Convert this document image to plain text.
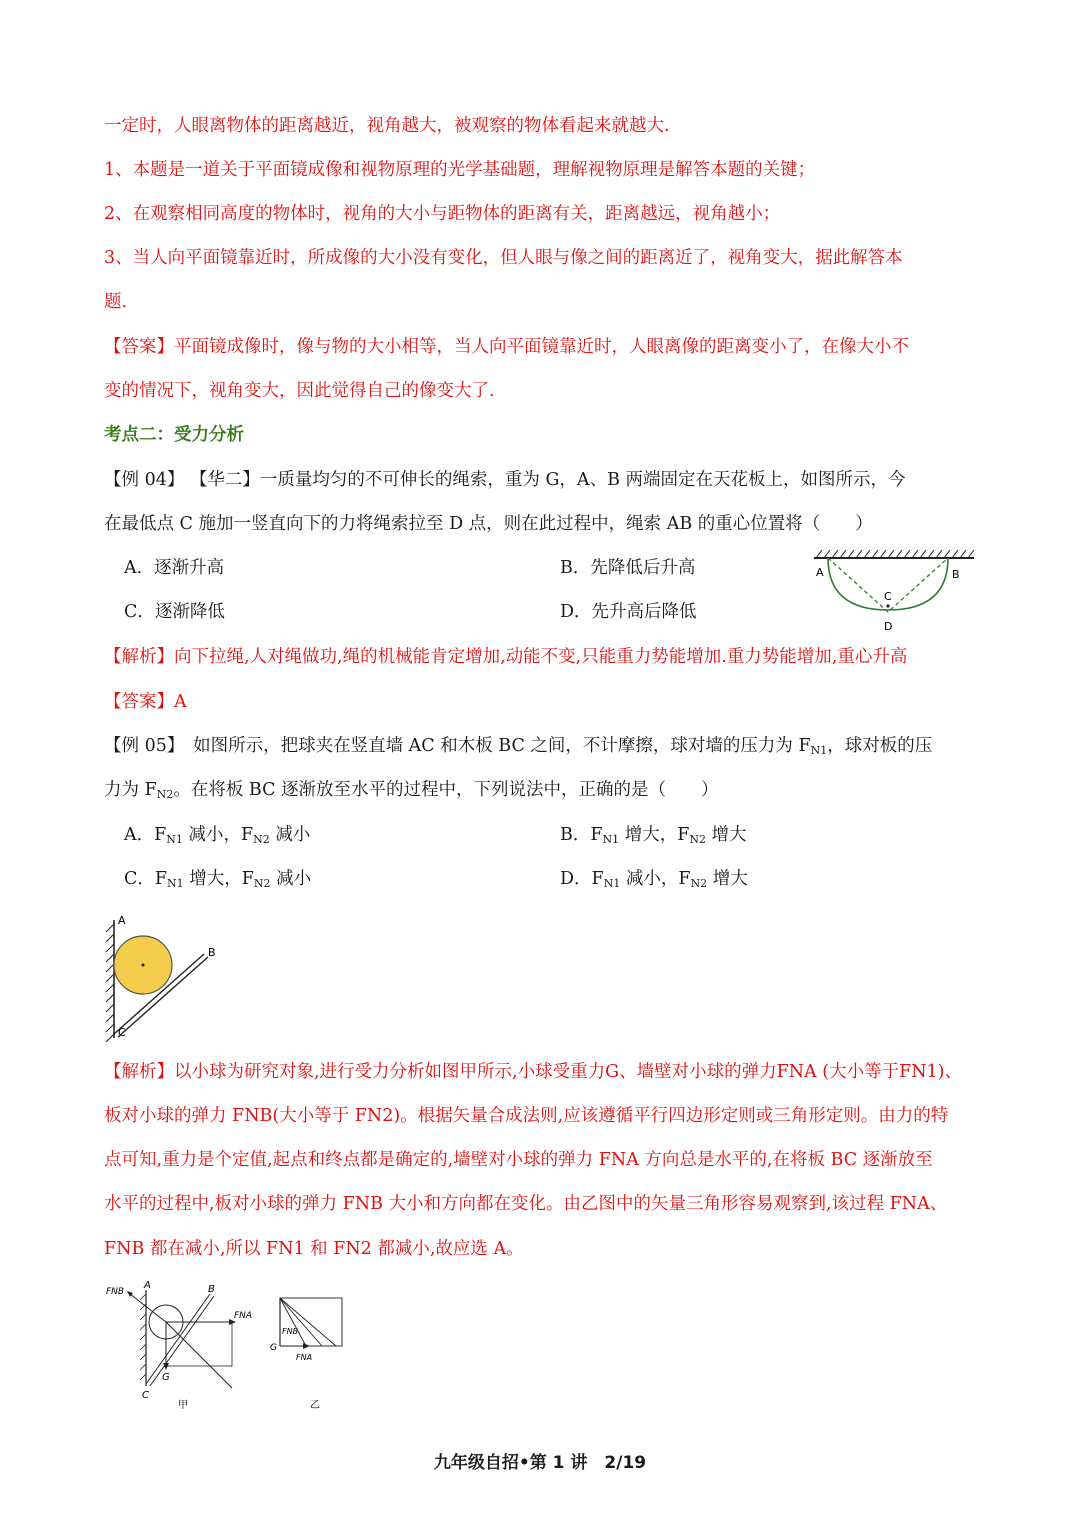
一定时，人眼离物体的距离越近，视角越大，被观察的物体看起来就越大.
1、本题是一道关于平面镜成像和视物原理的光学基础题，理解视物原理是解答本题的关键；
2、在观察相同高度的物体时，视角的大小与距物体的距离有关，距离越远，视角越小；
3、当人向平面镜靠近时，所成像的大小没有变化，但人眼与像之间的距离近了，视角变大，据此解答本
题.
【答案】平面镜成像时，像与物的大小相等，当人向平面镜靠近时，人眼离像的距离变小了，在像大小不
变的情况下，视角变大，因此觉得自己的像变大了.
考点二：受力分析
【例 04】 【华二】一质量均匀的不可伸长的绳索，重为 G，A、B 两端固定在天花板上，如图所示，今
在最低点 C 施加一竖直向下的力将绳索拉至 D 点，则在此过程中，绳索 AB 的重心位置将（　　）
A．逐渐升高	B．先降低后升高
C．逐渐降低	D．先升高后降低
A	B
C
D
【解析】向下拉绳,人对绳做功,绳的机械能肯定增加,动能不变,只能重力势能增加.重力势能增加,重心升高
【答案】A
【例 05】　如图所示，把球夹在竖直墙 AC 和木板 BC 之间，不计摩擦，球对墙的压力为 $F_{N1}$，球对板的压
力为 $F_{N2}$。在将板 BC 逐渐放至水平的过程中，下列说法中，正确的是（　　）
A．$F_{N1}$ 减小，$F_{N2}$ 减小	B．$F_{N1}$ 增大，$F_{N2}$ 增大
C．$F_{N1}$ 增大，$F_{N2}$ 减小	D．$F_{N1}$ 减小，$F_{N2}$ 增大
A
B
C
【解析】以小球为研究对象,进行受力分析如图甲所示,小球受重力G、墙壁对小球的弹力FNA (大小等于FN1)、
板对小球的弹力 FNB(大小等于 FN2)。根据矢量合成法则,应该遵循平行四边形定则或三角形定则。由力的特
点可知,重力是个定值,起点和终点都是确定的,墙壁对小球的弹力 FNA 方向总是水平的,在将板 BC 逐渐放至
水平的过程中,板对小球的弹力 FNB 大小和方向都在变化。由乙图中的矢量三角形容易观察到,该过程 FNA、
FNB 都在减小,所以 FN1 和 FN2 都减小,故应选 A。
FNB
A	B
FNA
G
C
甲
FNB
G
FNA
乙
九年级自招•第 1 讲　2/19
